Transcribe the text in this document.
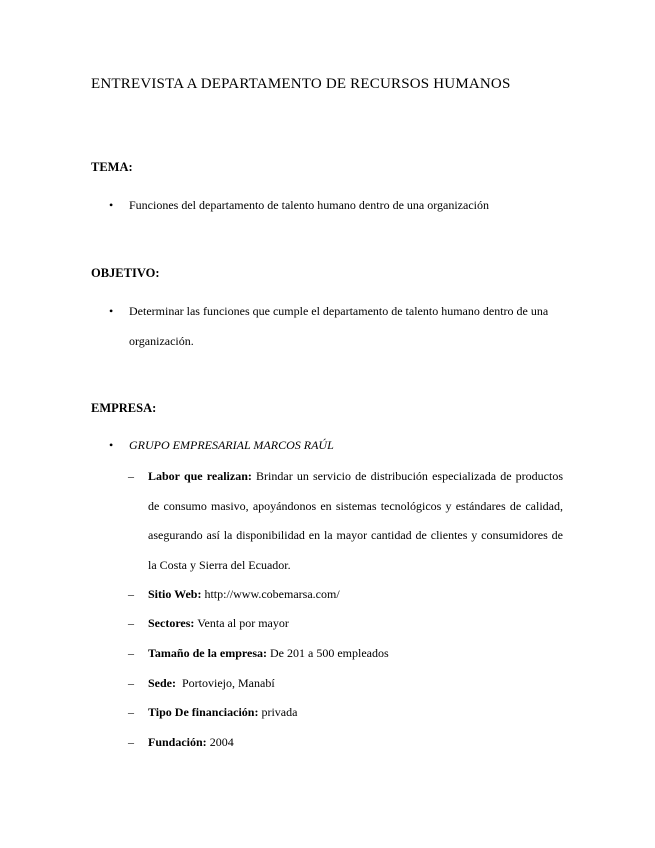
ENTREVISTA A DEPARTAMENTO DE RECURSOS HUMANOS
TEMA:
• Funciones del departamento de talento humano dentro de una organización
OBJETIVO:
• Determinar las funciones que cumple el departamento de talento humano dentro de una organización.
EMPRESA:
• GRUPO EMPRESARIAL MARCOS RAÚL
– Labor que realizan: Brindar un servicio de distribución especializada de productos de consumo masivo, apoyándonos en sistemas tecnológicos y estándares de calidad, asegurando así la disponibilidad en la mayor cantidad de clientes y consumidores de la Costa y Sierra del Ecuador.
– Sitio Web: http://www.cobemarsa.com/
– Sectores: Venta al por mayor
– Tamaño de la empresa: De 201 a 500 empleados
– Sede:  Portoviejo, Manabí
– Tipo De financiación: privada
– Fundación: 2004
